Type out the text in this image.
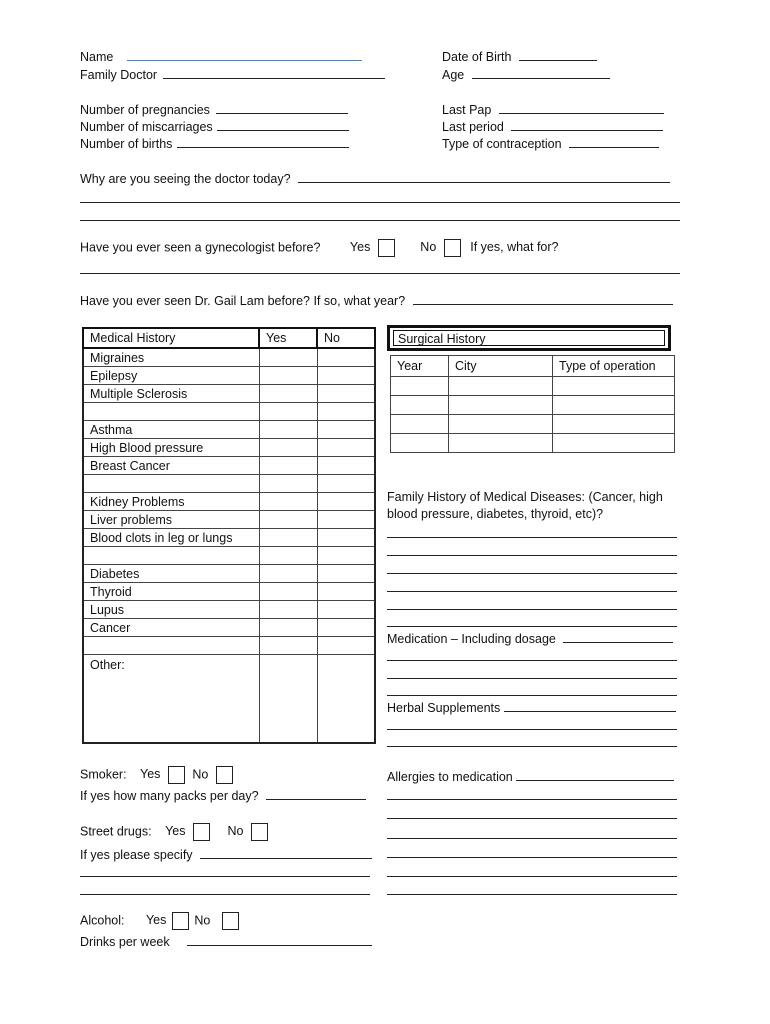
Name
Family Doctor
Number of pregnancies
Number of miscarriages
Number of births
Date of Birth
Age
Last Pap
Last period
Type of contraception
Why are you seeing the doctor today?
Have you ever seen a gynecologist before? Yes	No	If yes, what for?
Have you ever seen Dr. Gail Lam before? If so, what year?
Medical History	Yes	No
Migraines		
Epilepsy		
Multiple Sclerosis		

Asthma		
High Blood pressure		
Breast Cancer		

Kidney Problems		
Liver problems		
Blood clots in leg or lungs		

Diabetes		
Thyroid		
Lupus		
Cancer		

Other:		
Surgical History
Year	City	Type of operation

Family History of Medical Diseases: (Cancer, high
blood pressure, diabetes, thyroid, etc)?
Medication – Including dosage
Herbal Supplements
Allergies to medication
Smoker: Yes	No
If yes how many packs per day?
Street drugs: Yes	No
If yes please specify
Alcohol: Yes No
Drinks per week
